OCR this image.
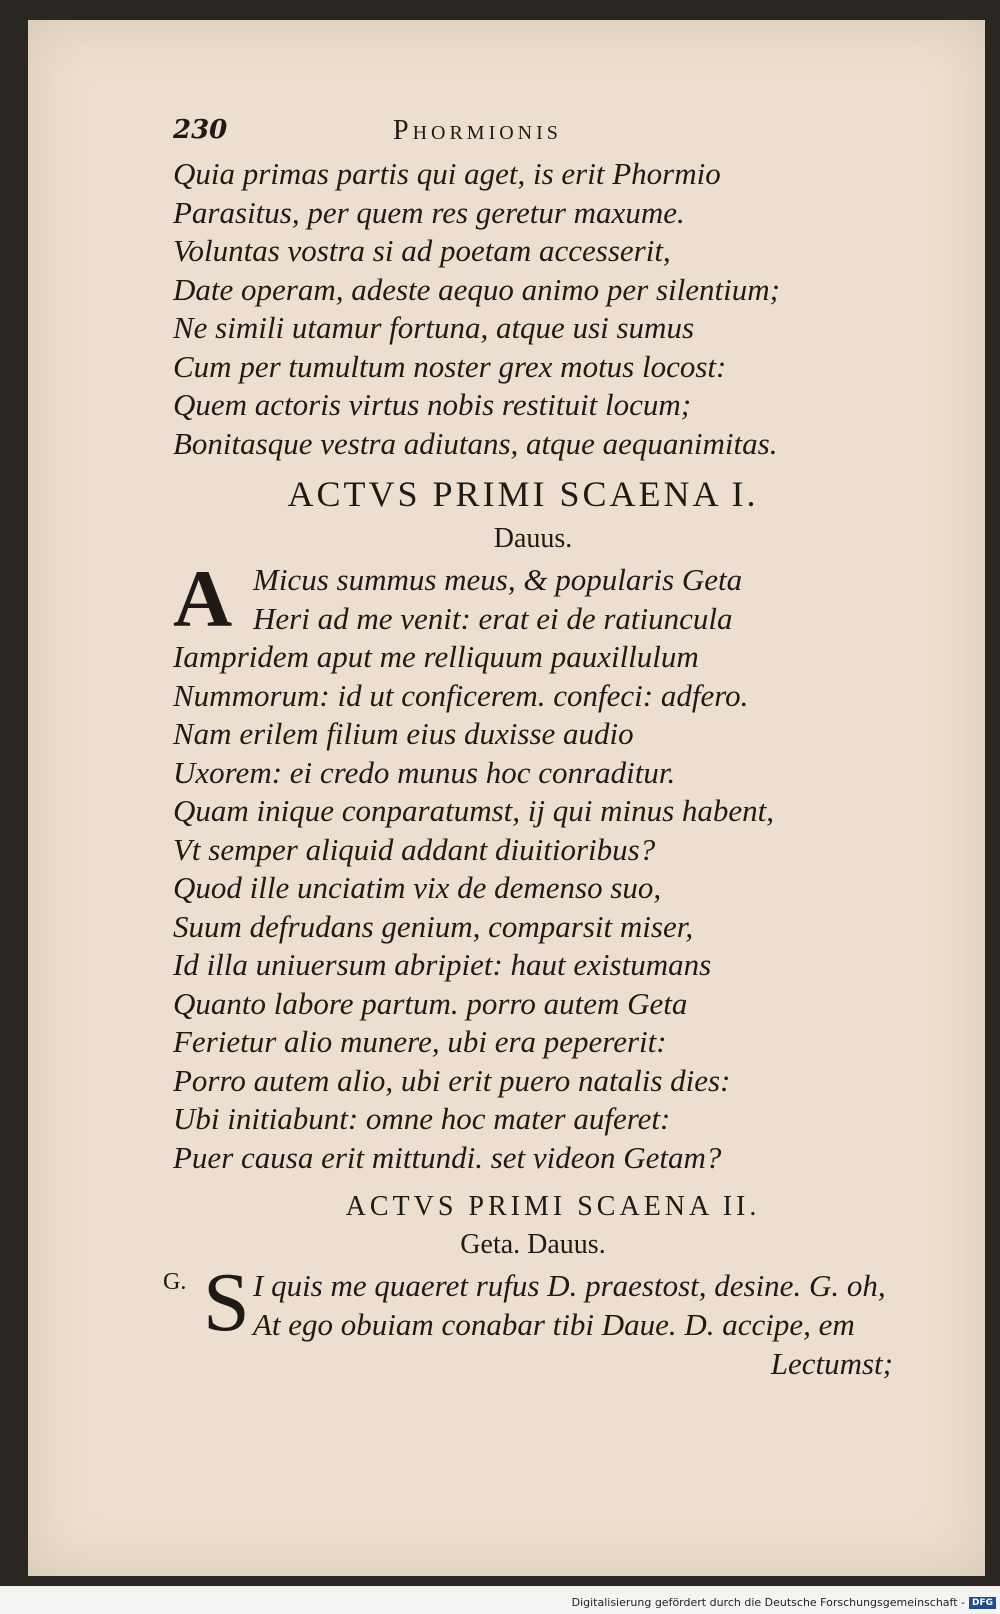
230	Phormionis
Quia primas partis qui aget, is erit Phormio
Parasitus, per quem res geretur maxume.
Voluntas vostra si ad poetam accesserit,
Date operam, adeste aequo animo per silentium;
Ne simili utamur fortuna, atque usi sumus
Cum per tumultum noster grex motus locost:
Quem actoris virtus nobis restituit locum;
Bonitasque vestra adiutans, atque aequanimitas.
ACTVS PRIMI SCAENA I.
Dauus.
A Micus summus meus, & popularis Geta
Heri ad me venit: erat ei de ratiuncula
Iampridem aput me relliquum pauxillulum
Nummorum: id ut conficerem. confeci: adfero.
Nam erilem filium eius duxisse audio
Uxorem: ei credo munus hoc conraditur.
Quam inique conparatumst, ij qui minus habent,
Vt semper aliquid addant diuitioribus?
Quod ille unciatim vix de demenso suo,
Suum defrudans genium, comparsit miser,
Id illa uniuersum abripiet: haut existumans
Quanto labore partum. porro autem Geta
Ferietur alio munere, ubi era pepererit:
Porro autem alio, ubi erit puero natalis dies:
Ubi initiabunt: omne hoc mater auferet:
Puer causa erit mittundi. set videon Getam?
ACTVS PRIMI SCAENA II.
Geta. Dauus.
G. S I quis me quaeret rufus D. praestost, desine. G. oh,
At ego obuiam conabar tibi Daue. D. accipe, em
Lectumst;
Digitalisierung gefördert durch die Deutsche Forschungsgemeinschaft - DFG
